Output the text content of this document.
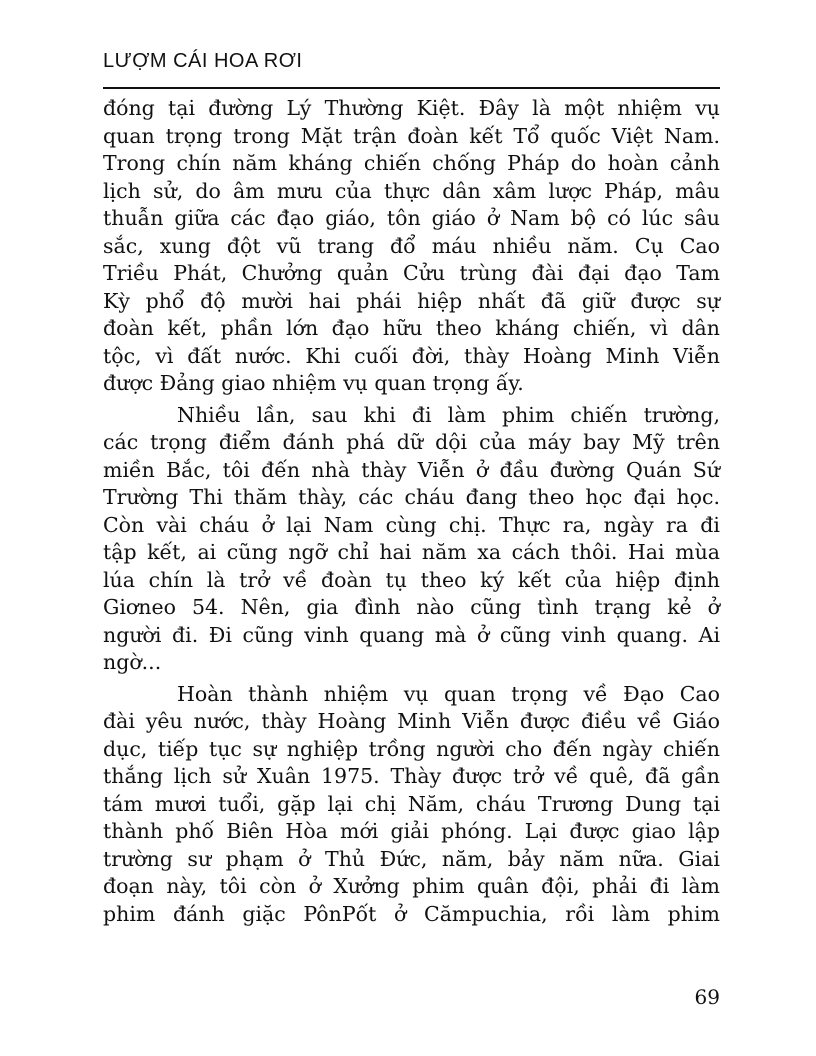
LƯỢM CÁI HOA RƠI
đóng tại đường Lý Thường Kiệt. Đây là một nhiệm vụ
quan trọng trong Mặt trận đoàn kết Tổ quốc Việt Nam.
Trong chín năm kháng chiến chống Pháp do hoàn cảnh
lịch sử, do âm mưu của thực dân xâm lược Pháp, mâu
thuẫn giữa các đạo giáo, tôn giáo ở Nam bộ có lúc sâu
sắc, xung đột vũ trang đổ máu nhiều năm. Cụ Cao
Triều Phát, Chưởng quản Cửu trùng đài đại đạo Tam
Kỳ phổ độ mười hai phái hiệp nhất đã giữ được sự
đoàn kết, phần lớn đạo hữu theo kháng chiến, vì dân
tộc, vì đất nước. Khi cuối đời, thày Hoàng Minh Viễn
được Đảng giao nhiệm vụ quan trọng ấy.
Nhiều lần, sau khi đi làm phim chiến trường,
các trọng điểm đánh phá dữ dội của máy bay Mỹ trên
miền Bắc, tôi đến nhà thày Viễn ở đầu đường Quán Sứ
Trường Thi thăm thày, các cháu đang theo học đại học.
Còn vài cháu ở lại Nam cùng chị. Thực ra, ngày ra đi
tập kết, ai cũng ngỡ chỉ hai năm xa cách thôi. Hai mùa
lúa chín là trở về đoàn tụ theo ký kết của hiệp định
Giơneo 54. Nên, gia đình nào cũng tình trạng kẻ ở
người đi. Đi cũng vinh quang mà ở cũng vinh quang. Ai
ngờ...
Hoàn thành nhiệm vụ quan trọng về Đạo Cao
đài yêu nước, thày Hoàng Minh Viễn được điều về Giáo
dục, tiếp tục sự nghiệp trồng người cho đến ngày chiến
thắng lịch sử Xuân 1975. Thày được trở về quê, đã gần
tám mươi tuổi, gặp lại chị Năm, cháu Trương Dung tại
thành phố Biên Hòa mới giải phóng. Lại được giao lập
trường sư phạm ở Thủ Đức, năm, bảy năm nữa. Giai
đoạn này, tôi còn ở Xưởng phim quân đội, phải đi làm
phim đánh giặc PônPốt ở Cămpuchia, rồi làm phim
69
